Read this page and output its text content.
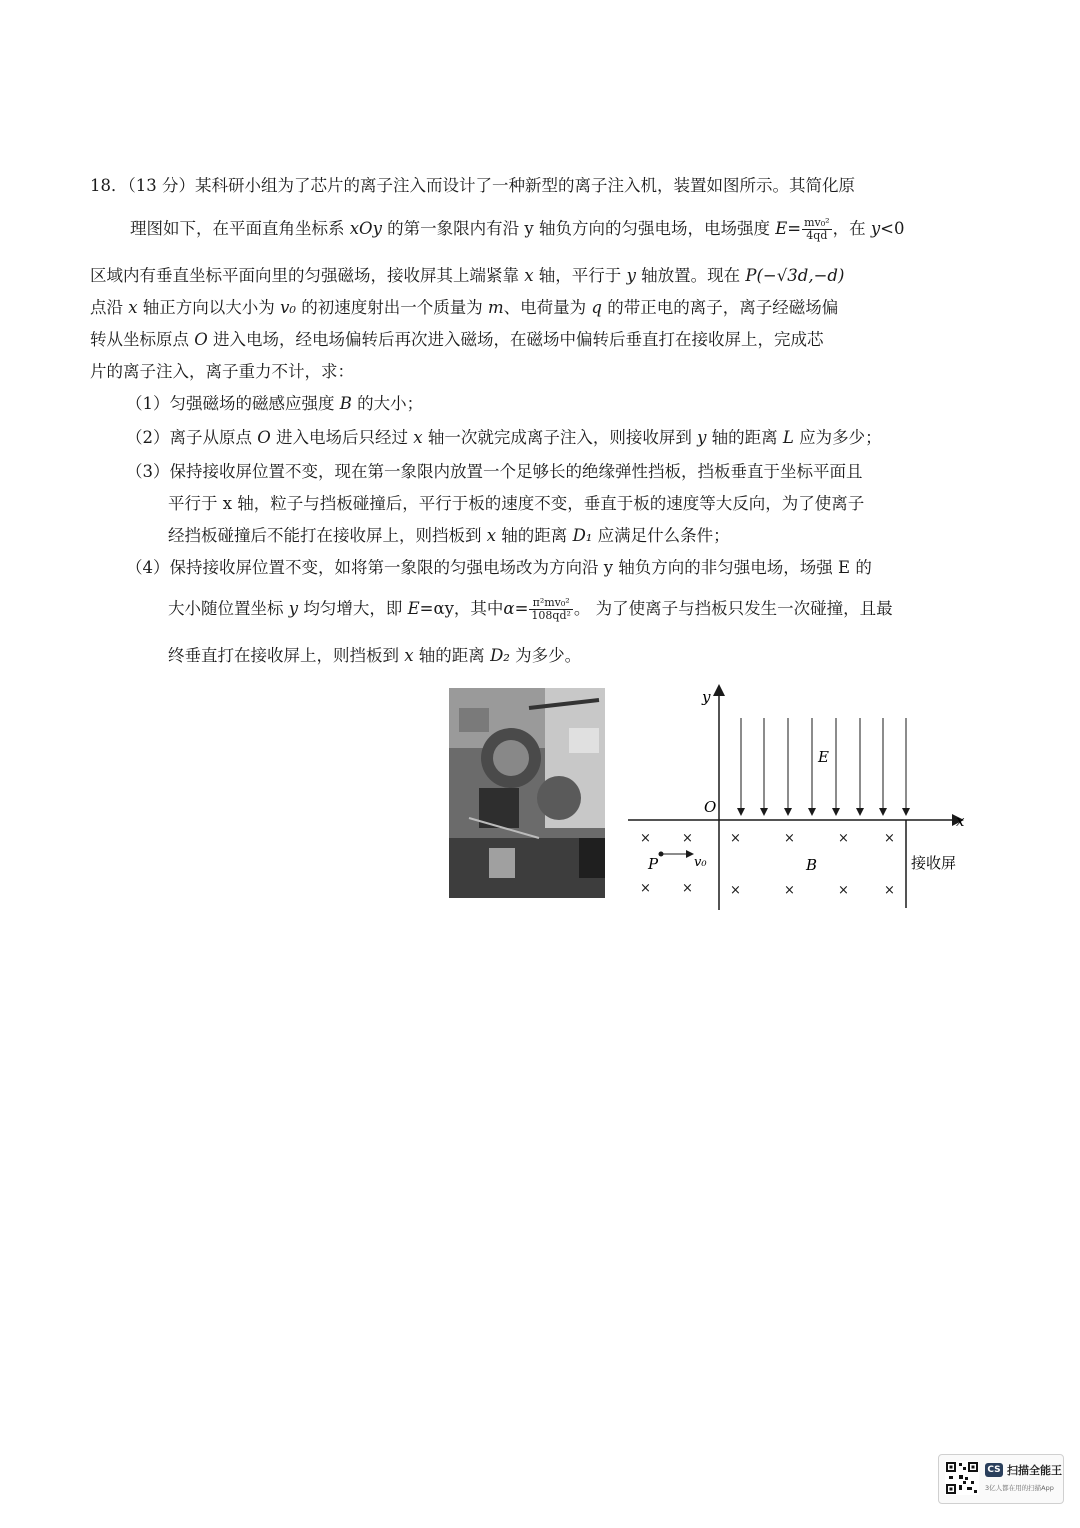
18．（13 分）某科研小组为了芯片的离子注入而设计了一种新型的离子注入机，装置如图所示。其简化原
理图如下，在平面直角坐标系 xOy 的第一象限内有沿 y 轴负方向的匀强电场，电场强度 $E= \frac{\text{mv₀²}}{4qd}$ ，在 y<0
区域内有垂直坐标平面向里的匀强磁场，接收屏其上端紧靠 x 轴，平行于 y 轴放置。现在 P(−√3d,−d)
点沿 x 轴正方向以大小为 v₀ 的初速度射出一个质量为 m、电荷量为 q 的带正电的离子，离子经磁场偏
转从坐标原点 O 进入电场，经电场偏转后再次进入磁场，在磁场中偏转后垂直打在接收屏上，完成芯
片的离子注入，离子重力不计，求：
（1）匀强磁场的磁感应强度 B 的大小；
（2）离子从原点 O 进入电场后只经过 x 轴一次就完成离子注入，则接收屏到 y 轴的距离 L 应为多少；
（3）保持接收屏位置不变，现在第一象限内放置一个足够长的绝缘弹性挡板，挡板垂直于坐标平面且
平行于 x 轴，粒子与挡板碰撞后，平行于板的速度不变，垂直于板的速度等大反向，为了使离子
经挡板碰撞后不能打在接收屏上，则挡板到 x 轴的距离 D₁ 应满足什么条件；
（4）保持接收屏位置不变，如将第一象限的匀强电场改为方向沿 y 轴负方向的非匀强电场，场强 E 的
大小随位置坐标 y 均匀增大，即 E=αy，其中$\alpha= \frac{\text{π²mv₀²}}{\text{108qd²}}$ 。 为了使离子与挡板只发生一次碰撞，且最
终垂直打在接收屏上，则挡板到 x 轴的距离 D₂ 为多少。
y
x
O
E
B	接收屏
P	v₀
× ×	×	×	×	×
× ×	×	×	×	×
CS 扫描全能王
3亿人都在用的扫描App
